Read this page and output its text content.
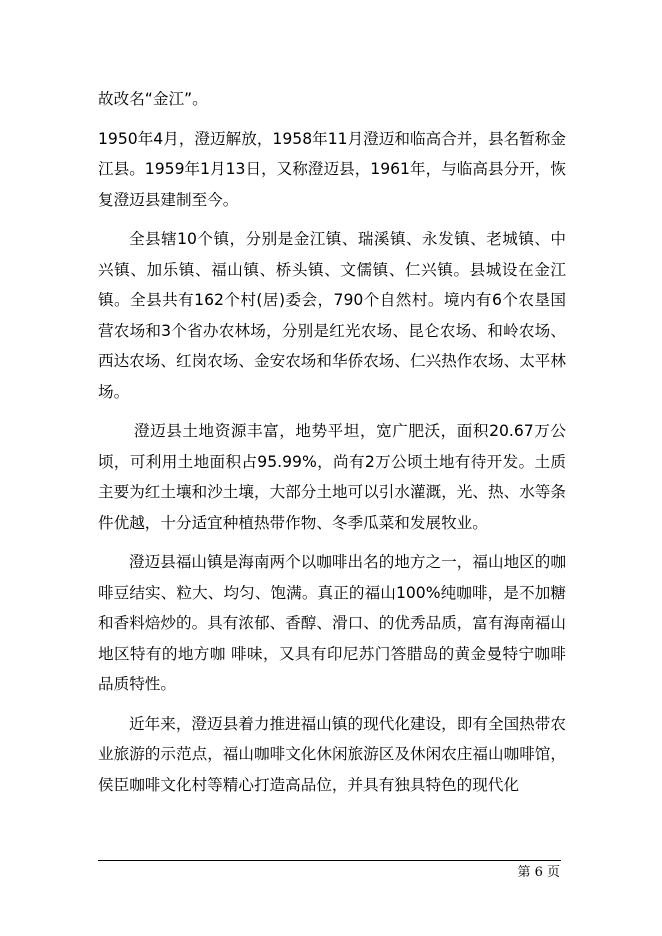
故改名“金江”。

1950年4月，澄迈解放，1958年11月澄迈和临高合并，县名暂称金江县。1959年1月13日，又称澄迈县，1961年，与临高县分开，恢复澄迈县建制至今。

全县辖10个镇，分别是金江镇、瑞溪镇、永发镇、老城镇、中兴镇、加乐镇、福山镇、桥头镇、文儒镇、仁兴镇。县城设在金江镇。全县共有162个村(居)委会，790个自然村。境内有6个农垦国营农场和3个省办农林场，分别是红光农场、昆仑农场、和岭农场、西达农场、红岗农场、金安农场和华侨农场、仁兴热作农场、太平林场。

澄迈县土地资源丰富，地势平坦，宽广肥沃，面积20.67万公顷，可利用土地面积占95.99%，尚有2万公顷土地有待开发。土质主要为红土壤和沙土壤，大部分土地可以引水灌溉，光、热、水等条件优越，十分适宜种植热带作物、冬季瓜菜和发展牧业。

澄迈县福山镇是海南两个以咖啡出名的地方之一，福山地区的咖啡豆结实、粒大、均匀、饱满。真正的福山100%纯咖啡，是不加糖和香料焙炒的。具有浓郁、香醇、滑口、的优秀品质，富有海南福山地区特有的地方咖 啡味，又具有印尼苏门答腊岛的黄金曼特宁咖啡品质特性。

近年来，澄迈县着力推进福山镇的现代化建设，即有全国热带农业旅游的示范点，福山咖啡文化休闲旅游区及休闲农庄福山咖啡馆，侯臣咖啡文化村等精心打造高品位，并具有独具特色的现代化

第 6 页
